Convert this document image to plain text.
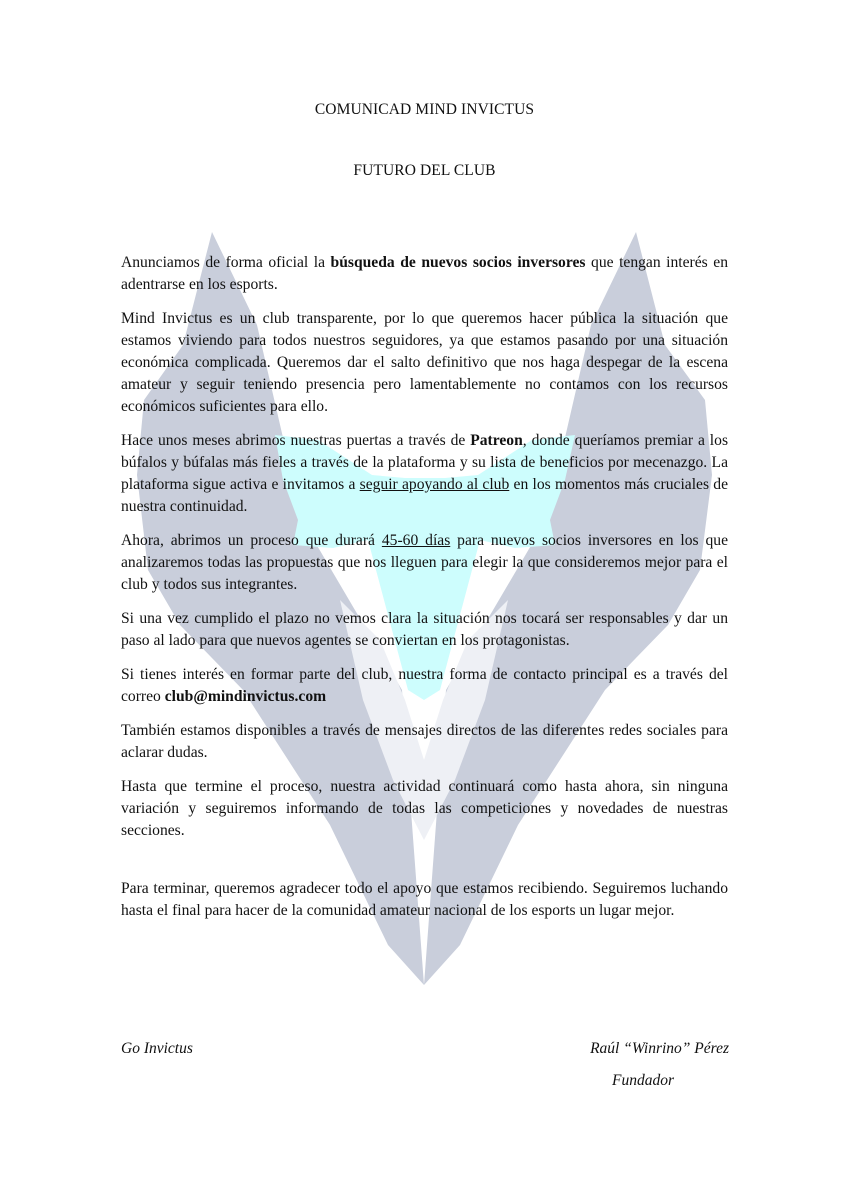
COMUNICAD MIND INVICTUS
FUTURO DEL CLUB

Anunciamos de forma oficial la búsqueda de nuevos socios inversores que tengan interés en adentrarse en los esports.

Mind Invictus es un club transparente, por lo que queremos hacer pública la situación que estamos viviendo para todos nuestros seguidores, ya que estamos pasando por una situación económica complicada. Queremos dar el salto definitivo que nos haga despegar de la escena amateur y seguir teniendo presencia pero lamentablemente no contamos con los recursos económicos suficientes para ello.

Hace unos meses abrimos nuestras puertas a través de Patreon, donde queríamos premiar a los búfalos y búfalas más fieles a través de la plataforma y su lista de beneficios por mecenazgo. La plataforma sigue activa e invitamos a seguir apoyando al club en los momentos más cruciales de nuestra continuidad.

Ahora, abrimos un proceso que durará 45-60 días para nuevos socios inversores en los que analizaremos todas las propuestas que nos lleguen para elegir la que consideremos mejor para el club y todos sus integrantes.

Si una vez cumplido el plazo no vemos clara la situación nos tocará ser responsables y dar un paso al lado para que nuevos agentes se conviertan en los protagonistas.

Si tienes interés en formar parte del club, nuestra forma de contacto principal es a través del correo club@mindinvictus.com

También estamos disponibles a través de mensajes directos de las diferentes redes sociales para aclarar dudas.

Hasta que termine el proceso, nuestra actividad continuará como hasta ahora, sin ninguna variación y seguiremos informando de todas las competiciones y novedades de nuestras secciones.

Para terminar, queremos agradecer todo el apoyo que estamos recibiendo. Seguiremos luchando hasta el final para hacer de la comunidad amateur nacional de los esports un lugar mejor.

Go Invictus	Raúl “Winrino” Pérez
Fundador
